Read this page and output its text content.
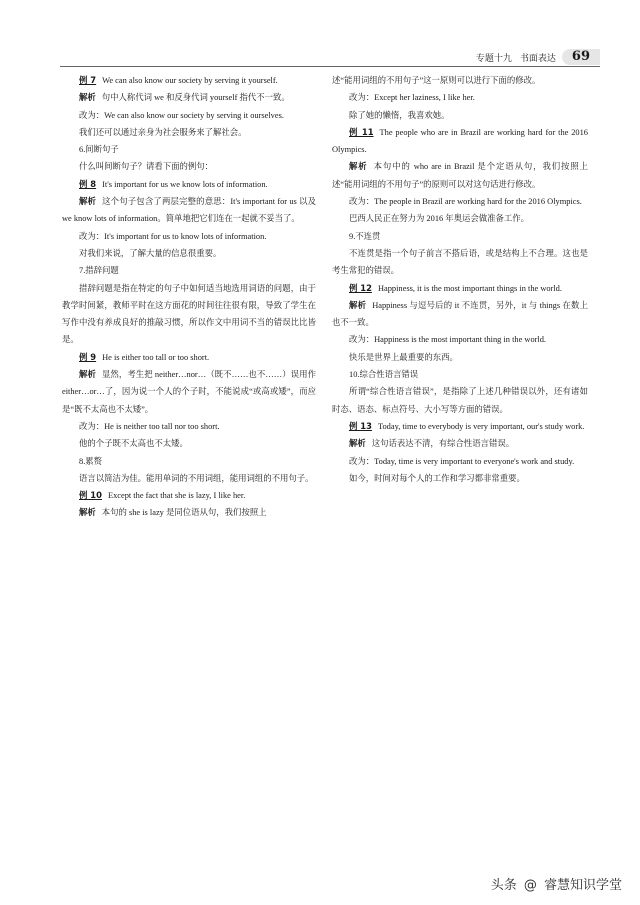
专题十九 书面表达	69

例 7 We can also know our society by serving it yourself.

解析 句中人称代词 we 和反身代词 yourself 指代不一致。

改为：We can also know our society by serving it ourselves.

我们还可以通过亲身为社会服务来了解社会。

6.间断句子

什么叫间断句子？请看下面的例句：

例 8 It's important for us we know lots of information.

解析 这个句子包含了两层完整的意思：It's important for us 以及 we know lots of information。简单地把它们连在一起就不妥当了。

改为：It's important for us to know lots of information.

对我们来说，了解大量的信息很重要。

7.措辞问题

措辞问题是指在特定的句子中如何适当地选用词语的问题，由于教学时间紧，教师平时在这方面花的时间往往很有限，导致了学生在写作中没有养成良好的推敲习惯，所以作文中用词不当的错误比比皆是。

例 9 He is either too tall or too short.

解析 显然，考生把 neither…nor…（既不……也不……）误用作 either…or…了，因为说一个人的个子时，不能说成“或高或矮”，而应是“既不太高也不太矮”。

改为：He is neither too tall nor too short.

他的个子既不太高也不太矮。

8.累赘

语言以简洁为佳。能用单词的不用词组，能用词组的不用句子。

例 10 Except the fact that she is lazy, I like her.

解析 本句的 she is lazy 是同位语从句，我们按照上

述“能用词组的不用句子”这一原则可以进行下面的修改。

改为：Except her laziness, I like her.

除了她的懒惰，我喜欢她。

例 11 The people who are in Brazil are working hard for the 2016 Olympics.

解析 本句中的 who are in Brazil 是个定语从句，我们按照上述“能用词组的不用句子”的原则可以对这句话进行修改。

改为：The people in Brazil are working hard for the 2016 Olympics.

巴西人民正在努力为 2016 年奥运会做准备工作。

9.不连贯

不连贯是指一个句子前言不搭后语，或是结构上不合理。这也是考生常犯的错误。

例 12 Happiness, it is the most important things in the world.

解析 Happiness 与逗号后的 it 不连贯，另外，it 与 things 在数上也不一致。

改为：Happiness is the most important thing in the world.

快乐是世界上最重要的东西。

10.综合性语言错误

所谓“综合性语言错误”，是指除了上述几种错误以外，还有诸如时态、语态、标点符号、大小写等方面的错误。

例 13 Today, time to everybody is very important, our's study work.

解析 这句话表达不清，有综合性语言错误。

改为：Today, time is very important to everyone's work and study.

如今，时间对每个人的工作和学习都非常重要。

头条 @ 睿慧知识学堂
